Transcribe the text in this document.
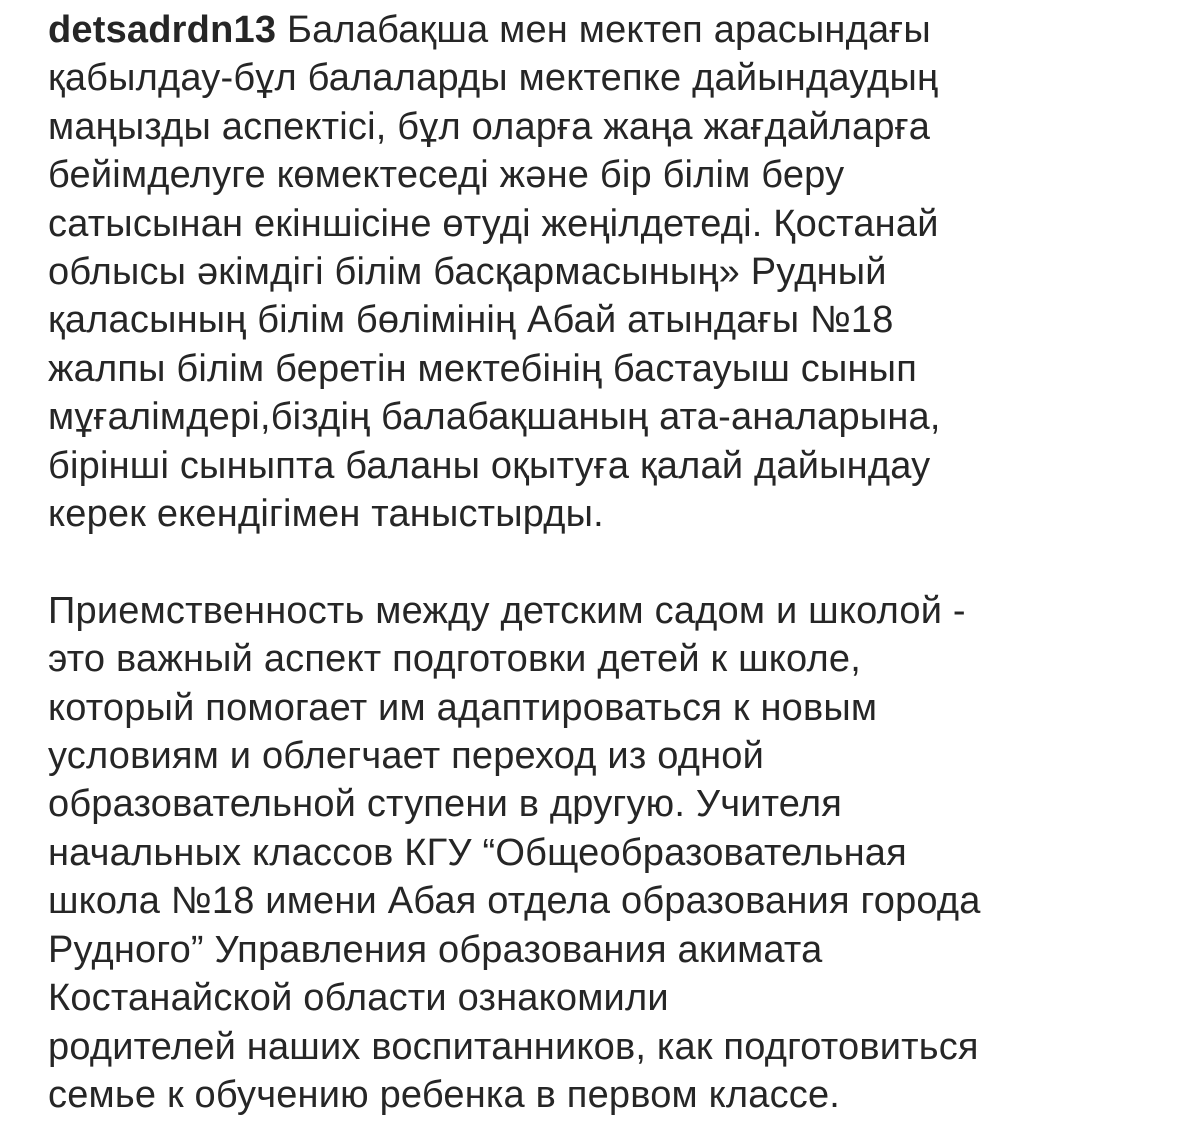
detsadrdn13 Балабақша мен мектеп арасындағы
қабылдау-бұл балаларды мектепке дайындаудың
маңызды аспектісі, бұл оларға жаңа жағдайларға
бейімделуге көмектеседі және бір білім беру
сатысынан екіншісіне өтуді жеңілдетеді. Қостанай
облысы әкімдігі білім басқармасының» Рудный
қаласының білім бөлімінің Абай атындағы №18
жалпы білім беретін мектебінің бастауыш сынып
мұғалімдері,біздің балабақшаның ата-аналарына,
бірінші сыныпта баланы оқытуға қалай дайындау
керек екендігімен таныстырды.
Приемственность между детским садом и школой -
это важный аспект подготовки детей к школе,
который помогает им адаптироваться к новым
условиям и облегчает переход из одной
образовательной ступени в другую. Учителя
начальных классов КГУ “Общеобразовательная
школа №18 имени Абая отдела образования города
Рудного” Управления образования акимата
Костанайской области ознакомили
родителей наших воспитанников, как подготовиться
семье к обучению ребенка в первом классе.
